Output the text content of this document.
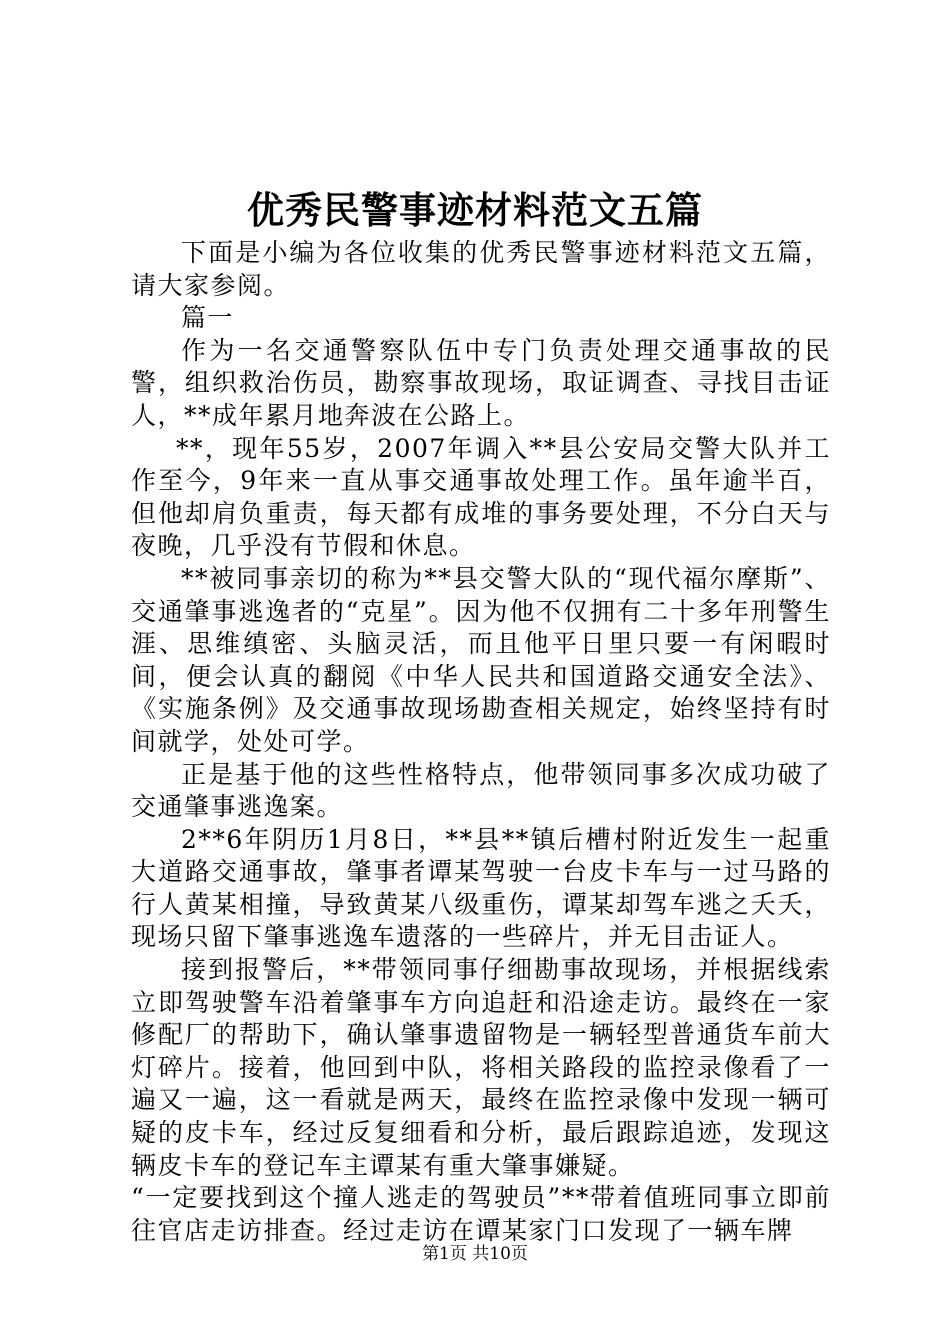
优秀民警事迹材料范文五篇

下面是小编为各位收集的优秀民警事迹材料范文五篇，请大家参阅。

篇一

作为一名交通警察队伍中专门负责处理交通事故的民警，组织救治伤员，勘察事故现场，取证调查、寻找目击证人，**成年累月地奔波在公路上。

**，现年55岁，2007年调入**县公安局交警大队并工作至今，9年来一直从事交通事故处理工作。虽年逾半百，但他却肩负重责，每天都有成堆的事务要处理，不分白天与夜晚，几乎没有节假和休息。

**被同事亲切的称为**县交警大队的“现代福尔摩斯”、交通肇事逃逸者的“克星”。因为他不仅拥有二十多年刑警生涯、思维缜密、头脑灵活，而且他平日里只要一有闲暇时间，便会认真的翻阅《中华人民共和国道路交通安全法》、《实施条例》及交通事故现场勘查相关规定，始终坚持有时间就学，处处可学。

正是基于他的这些性格特点，他带领同事多次成功破了交通肇事逃逸案。

2**6年阴历1月8日，**县**镇后槽村附近发生一起重大道路交通事故，肇事者谭某驾驶一台皮卡车与一过马路的行人黄某相撞，导致黄某八级重伤，谭某却驾车逃之夭夭，现场只留下肇事逃逸车遗落的一些碎片，并无目击证人。

接到报警后，**带领同事仔细勘事故现场，并根据线索立即驾驶警车沿着肇事车方向追赶和沿途走访。最终在一家修配厂的帮助下，确认肇事遗留物是一辆轻型普通货车前大灯碎片。接着，他回到中队，将相关路段的监控录像看了一遍又一遍，这一看就是两天，最终在监控录像中发现一辆可疑的皮卡车，经过反复细看和分析，最后跟踪追迹，发现这辆皮卡车的登记车主谭某有重大肇事嫌疑。

“一定要找到这个撞人逃走的驾驶员”**带着值班同事立即前往官店走访排查。经过走访在谭某家门口发现了一辆车牌

第1页 共10页
